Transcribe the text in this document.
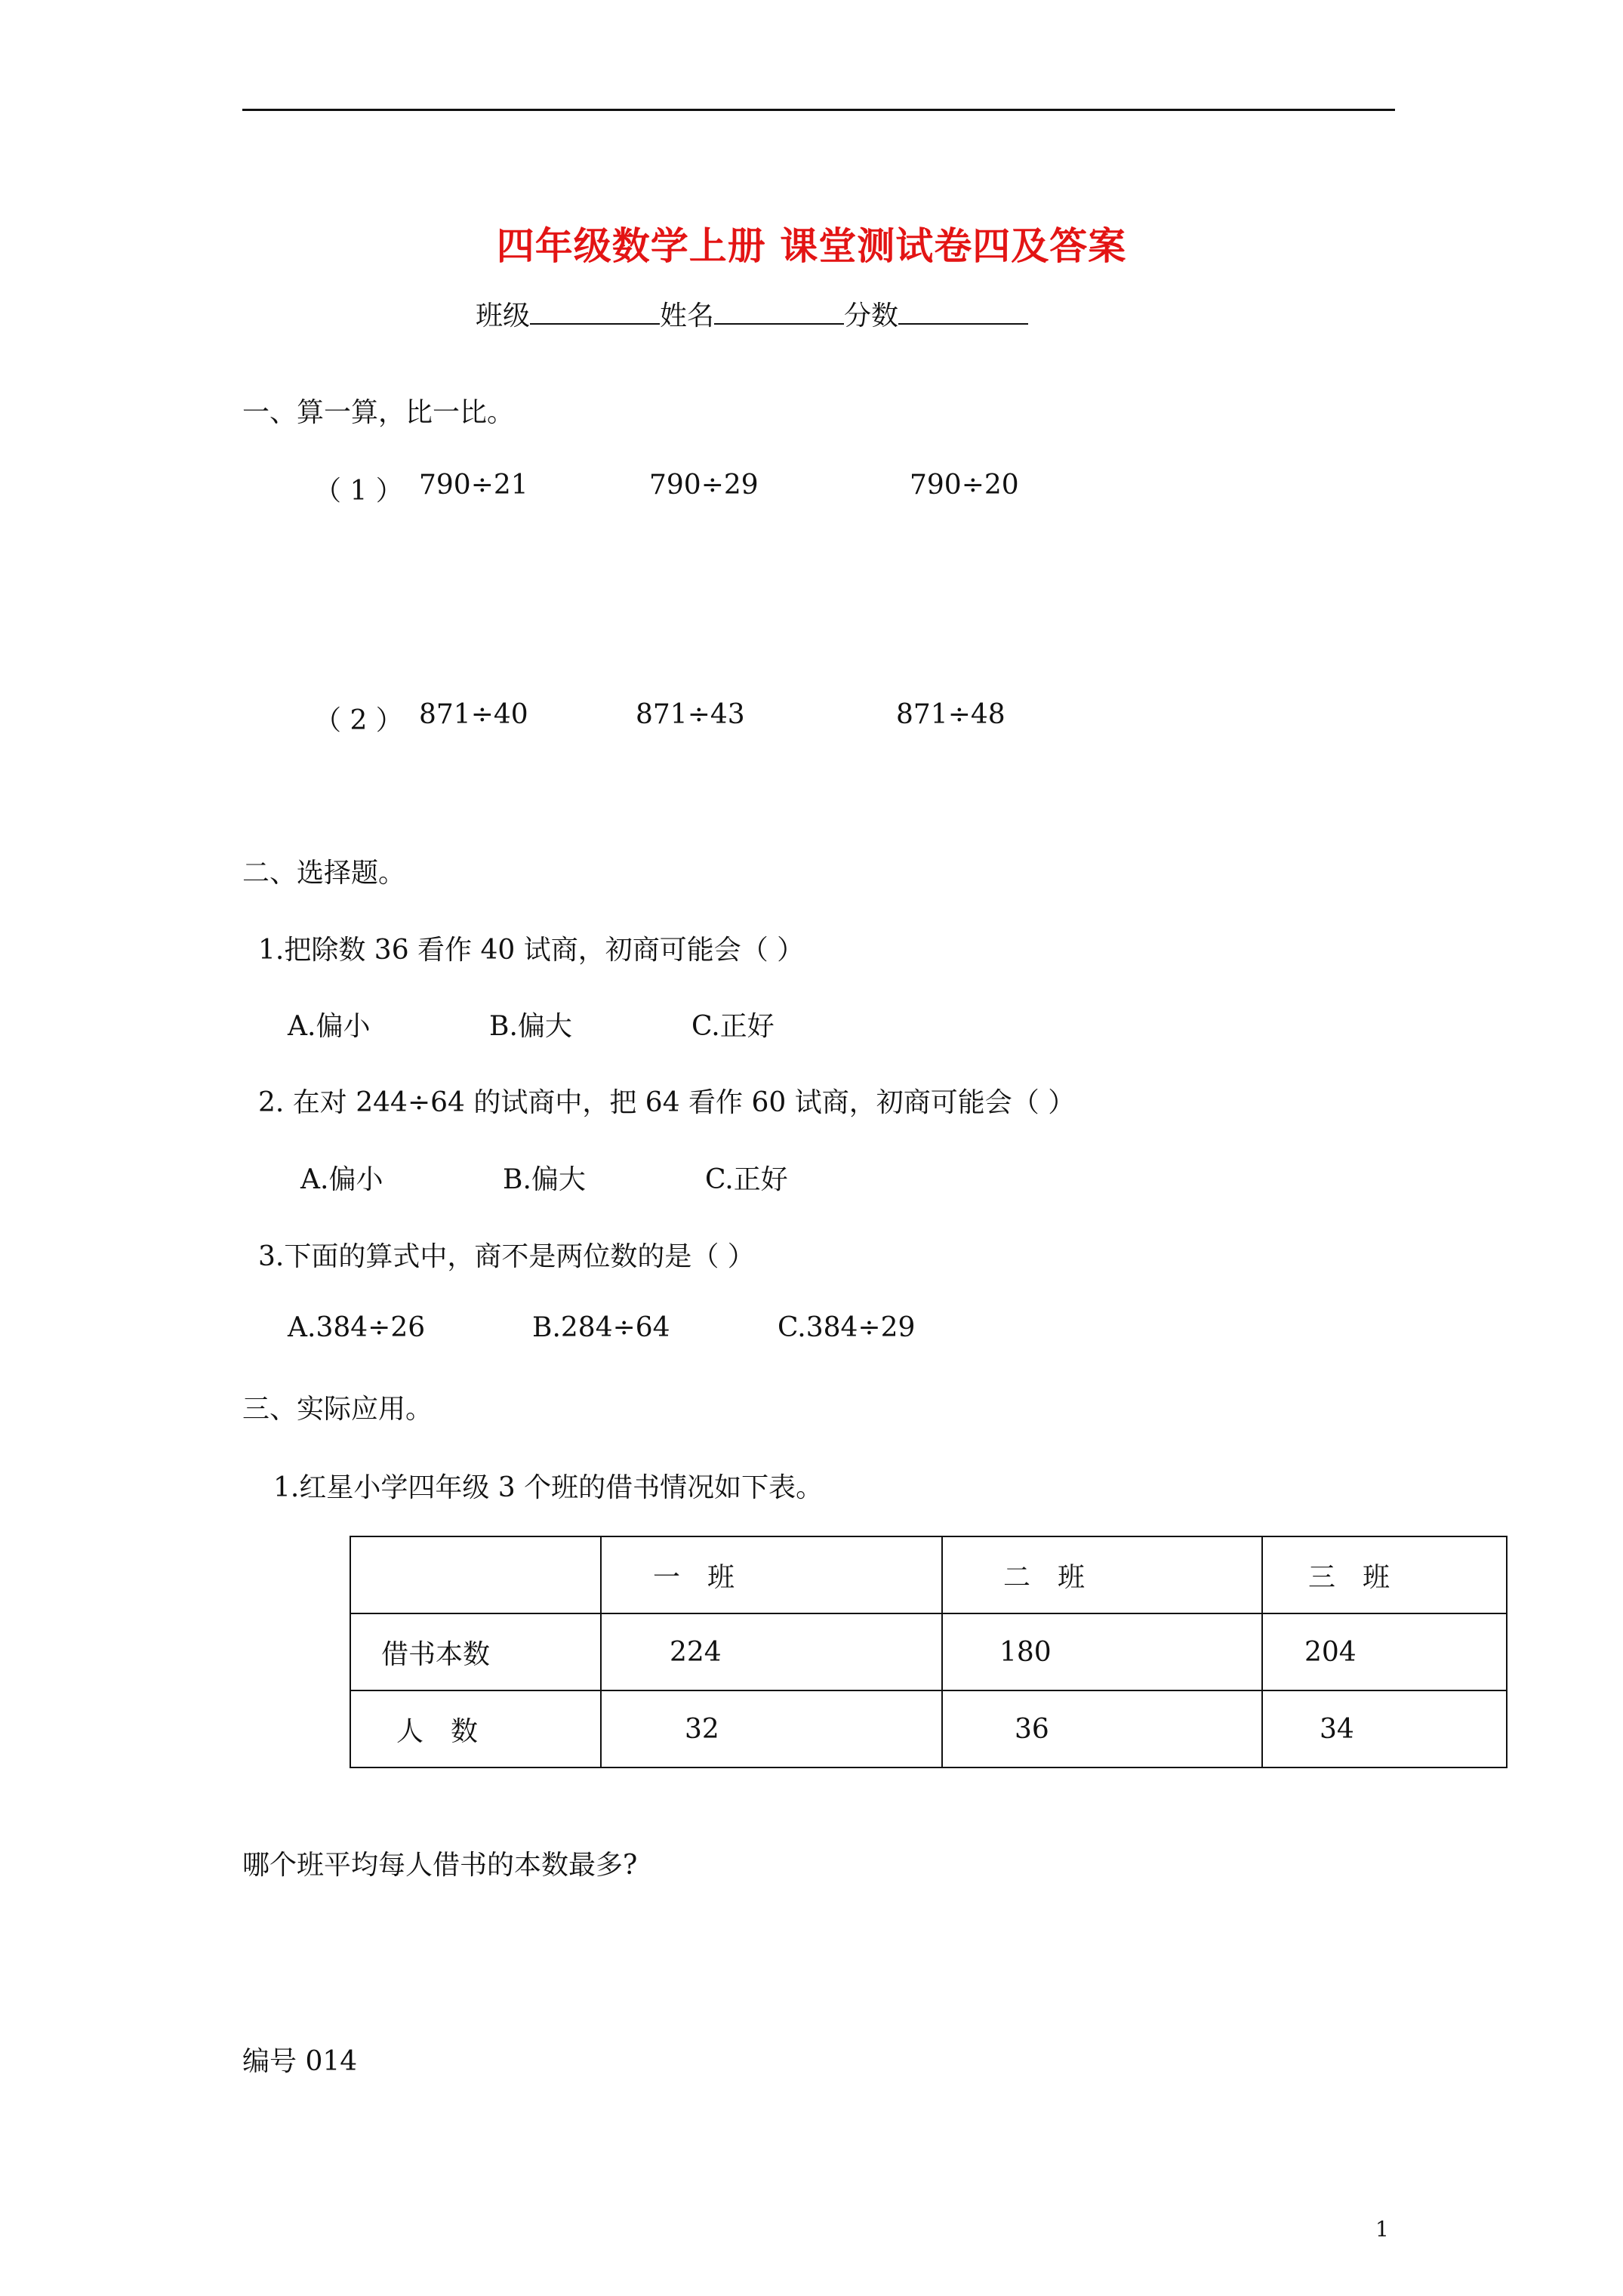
四年级数学上册 课堂测试卷四及答案
班级	姓名	分数
一、算一算，比一比。
（ 1 ） 790÷21	790÷29	790÷20
（ 2 ） 871÷40	871÷43	871÷48
二、选择题。
1.把除数 36 看作 40 试商，初商可能会（ ）
A.偏小	B.偏大	C.正好
2. 在对 244÷64 的试商中，把 64 看作 60 试商，初商可能会（ ）
A.偏小	B.偏大	C.正好
3.下面的算式中，商不是两位数的是（ ）
A.384÷26	B.284÷64	C.384÷29
三、实际应用。
1.红星小学四年级 3 个班的借书情况如下表。
	一　班	二　班	三　班
借书本数	224	180	204
人　数	32	36	34
哪个班平均每人借书的本数最多?
编号 014
1
